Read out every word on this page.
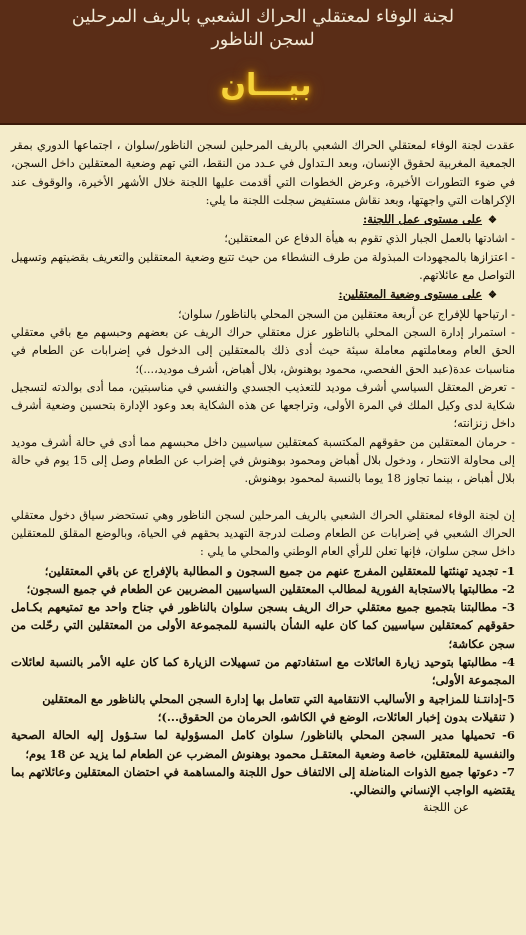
لجنة الوفاء لمعتقلي الحراك الشعبي بالريف المرحلين
لسجن الناظور
بيـــان

عقدت لجنة الوفاء لمعتقلي الحراك الشعبي بالريف المرحلين لسجن الناظور/سلوان ، اجتماعها الدوري بمقر الجمعية المغربية لحقوق الإنسان، وبعد الـتداول في عـدد من النقط، التي تهم وضعية المعتقلين داخل السجن، في ضوء التطورات الأخيرة، وعرض الخطوات التي أقدمت عليها اللجنة خلال الأشهر الأخيرة، والوقوف عند الإكراهات التي واجهتها، وبعد نقاش مستفيض سجلت اللجنة ما يلي:

❖على مستوى عمل اللجنة:

- اشادتها بالعمل الجبار الذي تقوم به هيأة الدفاع عن المعتقلين؛

- اعتزازها بالمجهودات المبذولة من طرف النشطاء من حيث تتبع وضعية المعتقلين والتعريف بقضيتهم وتسهيل التواصل مع عائلاتهم.

❖على مستوى وضعية المعتقلين:

- ارتياحها للإفراج عن أربعة معتقلين من السجن المحلي بالناظور/ سلوان؛

- استمرار إدارة السجن المحلي بالناظور عزل معتقلي حراك الريف عن بعضهم وحبسهم مع باقي معتقلي الحق العام ومعاملتهم معاملة سيئة حيث أدى ذلك بالمعتقلين إلى الدخول في إضرابات عن الطعام في مناسبات عدة(عبد الحق الفحصي، محمود بوهنوش، بلال أهباض، أشرف موديد،...)؛

- تعرض المعتقل السياسي أشرف موديد للتعذيب الجسدي والنفسي في مناسبتين، مما أدى بوالدته لتسجيل شكاية لدى وكيل الملك في المرة الأولى، وتراجعها عن هذه الشكاية بعد وعود الإدارة بتحسين وضعية أشرف داخل زنزانته؛

- حرمان المعتقلين من حقوقهم المكتسبة كمعتقلين سياسيين داخل محبسهم مما أدى في حالة أشرف موديد إلى محاولة الانتحار ، ودخول بلال أهباض ومحمود بوهنوش في إضراب عن الطعام وصل إلى 15 يوم في حالة بلال أهباض ، بينما تجاوز 18 يوما بالنسبة لمحمود بوهنوش.

إن لجنة الوفاء لمعتقلي الحراك الشعبي بالريف المرحلين لسجن الناظور وهي تستحضر سياق دخول معتقلي الحراك الشعبي في إضرابات عن الطعام وصلت لدرجة التهديد بحقهم في الحياة، وبالوضع المقلق للمعتقلين داخل سجن سلوان، فإنها تعلن للرأي العام الوطني والمحلي ما يلي :

1- تجديد تهنئتها للمعتقلين المفرج عنهم من جميع السجون و المطالبة بالإفراج عن باقي المعتقلين؛

2- مطالبتها بالاستجابة الفورية لمطالب المعتقلين السياسيين المضربين عن الطعام في جميع السجون؛

3- مطالبتنا بتجميع جميع معتقلي حراك الريف بسجن سلوان بالناظور في جناح واحد مع تمتيعهم بكـامل حقوقهم كمعتقلين سياسيين كما كان عليه الشأن بالنسبة للمجموعة الأولى من المعتقلين التي رحّلت من سجن عكاشة؛

4- مطالبتها بتوحيد زيارة العائلات مع استفادتهم من تسهيلات الزيارة كما كان عليه الأمر بالنسبة لعائلات المجموعة الأولى؛

5-إدانتـنا للمزاجية و الأساليب الانتقامية التي تتعامل بها إدارة السجن المحلي بالناظور مع المعتقلين

( تنقيلات بدون إخبار العائلات، الوضع في الكاشو، الحرمان من الحقوق...)؛

6- تحميلها مدير السجن المحلي بالناظور/ سلوان كامل المسؤولية لما ستـؤول إليه الحالة الصحية والنفسية للمعتقلين، خاصة وضعية المعتقـل محمود بوهنوش المضرب عن الطعام لما يزيد عن 18 يوم؛

7- دعوتها جميع الذوات المناضلة إلى الالتفاف حول اللجنة والمساهمة في احتضان المعتقلين وعائلاتهم بما يقتضيه الواجب الإنساني والنضالي.

عن اللجنة
